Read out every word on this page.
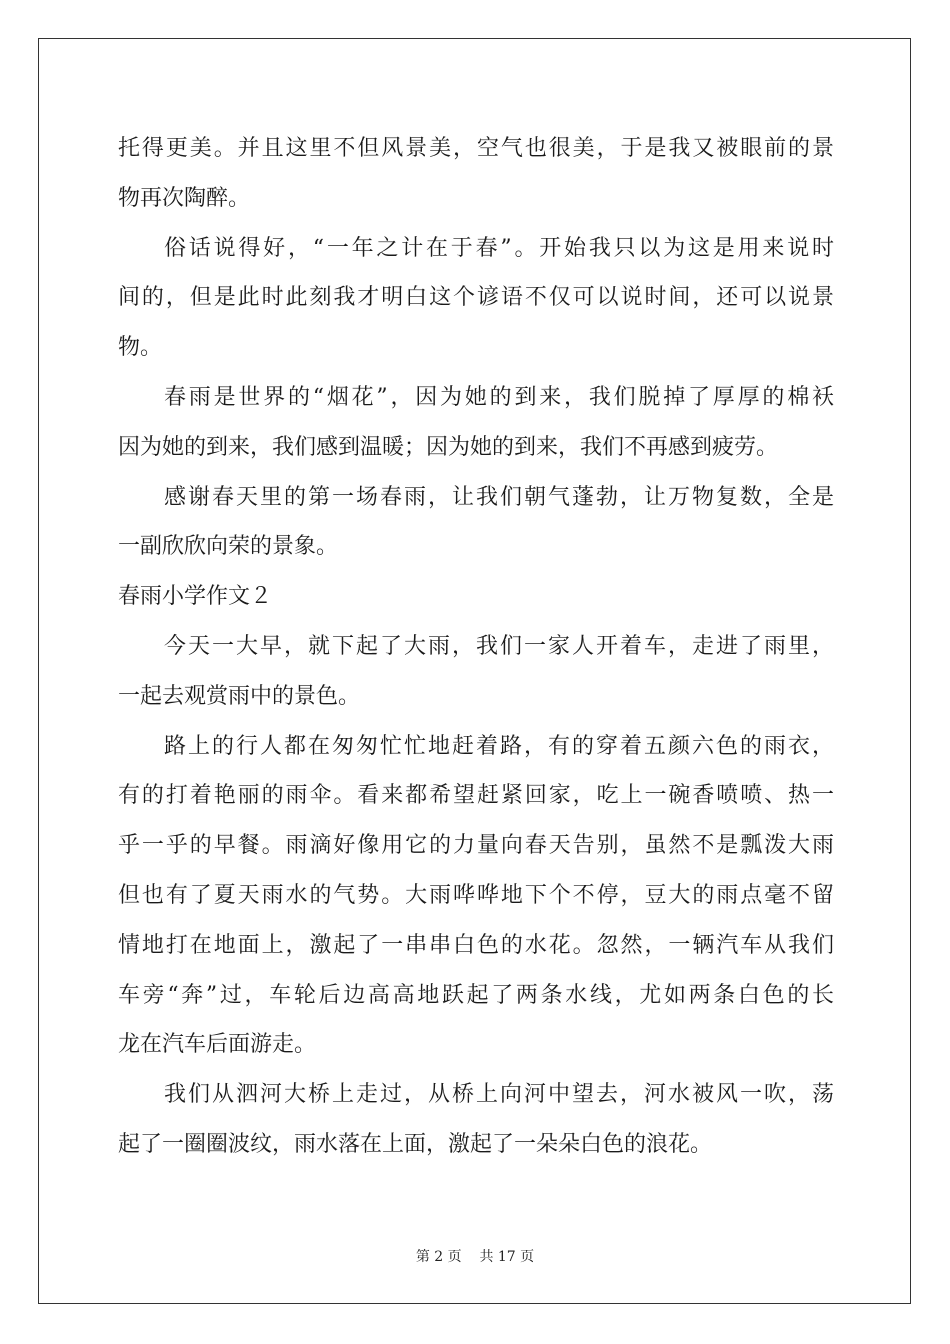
托得更美。并且这里不但风景美，空气也很美，于是我又被眼前的景
物再次陶醉。
俗话说得好，“一年之计在于春”。开始我只以为这是用来说时
间的，但是此时此刻我才明白这个谚语不仅可以说时间，还可以说景
物。
春雨是世界的“烟花”，因为她的到来，我们脱掉了厚厚的棉袄
因为她的到来，我们感到温暖；因为她的到来，我们不再感到疲劳。
感谢春天里的第一场春雨，让我们朝气蓬勃，让万物复数，全是
一副欣欣向荣的景象。
春雨小学作文２
今天一大早，就下起了大雨，我们一家人开着车，走进了雨里，
一起去观赏雨中的景色。
路上的行人都在匆匆忙忙地赶着路，有的穿着五颜六色的雨衣，
有的打着艳丽的雨伞。看来都希望赶紧回家，吃上一碗香喷喷、热一
乎一乎的早餐。雨滴好像用它的力量向春天告别，虽然不是瓢泼大雨
但也有了夏天雨水的气势。大雨哗哗地下个不停，豆大的雨点毫不留
情地打在地面上，激起了一串串白色的水花。忽然，一辆汽车从我们
车旁“奔”过，车轮后边高高地跃起了两条水线，尤如两条白色的长
龙在汽车后面游走。
我们从泗河大桥上走过，从桥上向河中望去，河水被风一吹，荡
起了一圈圈波纹，雨水落在上面，激起了一朵朵白色的浪花。
第 2 页 共 17 页
